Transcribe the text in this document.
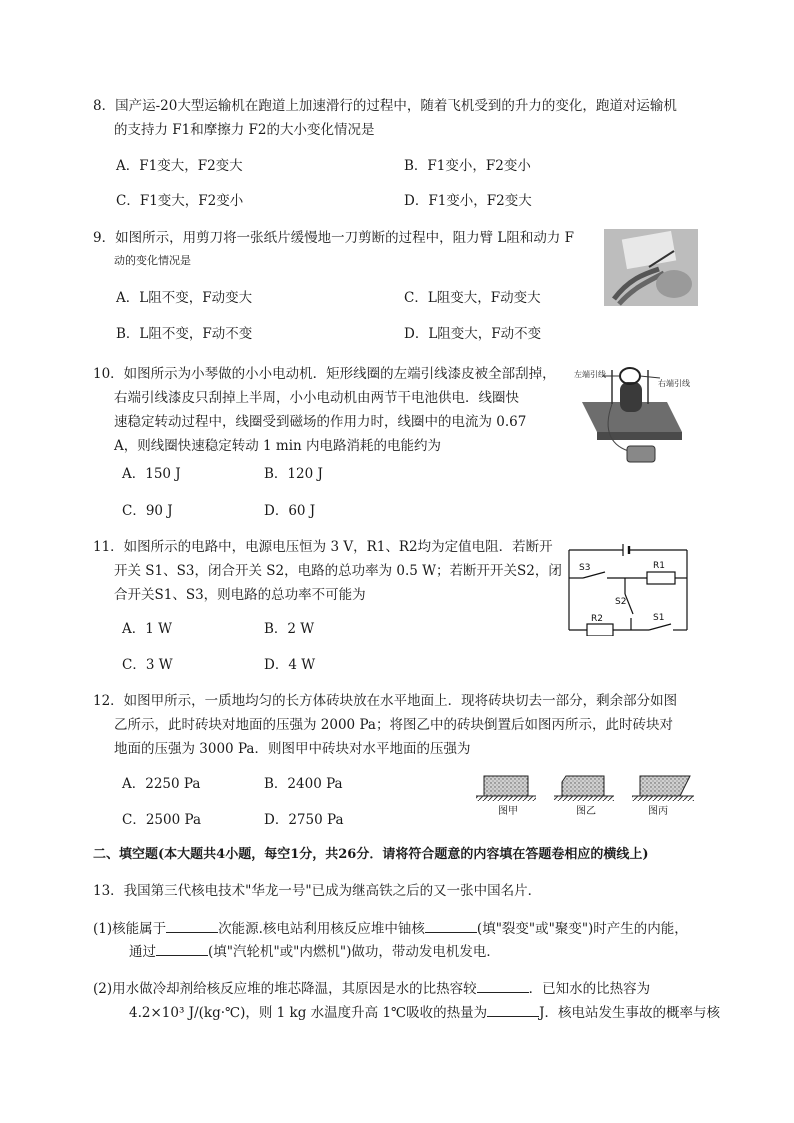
8．国产运-20大型运输机在跑道上加速滑行的过程中，随着飞机受到的升力的变化，跑道对运输机
的支持力 F1和摩擦力 F2的大小变化情况是
A．F1变大，F2变大	B．F1变小，F2变小
C．F1变大，F2变小	D．F1变小，F2变大
9．如图所示，用剪刀将一张纸片缓慢地一刀剪断的过程中，阻力臂 L阻和动力 F
动的变化情况是
A．L阻不变，F动变大	C．L阻变大，F动变大
B．L阻不变，F动不变	D．L阻变大，F动不变
10．如图所示为小琴做的小小电动机．矩形线圈的左端引线漆皮被全部刮掉，
右端引线漆皮只刮掉上半周，小小电动机由两节干电池供电．线圈快
速稳定转动过程中，线圈受到磁场的作用力时，线圈中的电流为 0.67
A，则线圈快速稳定转动 1 min 内电路消耗的电能约为
A．150 J	B．120 J
C．90 J	D．60 J
左端引线
右端引线
11．如图所示的电路中，电源电压恒为 3 V，R1、R2均为定值电阻．若断开
开关 S1、S3，闭合开关 S2，电路的总功率为 0.5 W；若断开开关S2，闭
合开关S1、S3，则电路的总功率不可能为
A．1 W	B．2 W
C．3 W	D．4 W
S3	R1
S2
R2	S1
12．如图甲所示，一质地均匀的长方体砖块放在水平地面上．现将砖块切去一部分，剩余部分如图
乙所示，此时砖块对地面的压强为 2000 Pa；将图乙中的砖块倒置后如图丙所示，此时砖块对
地面的压强为 3000 Pa．则图甲中砖块对水平地面的压强为
A．2250 Pa	B．2400 Pa
C．2500 Pa	D．2750 Pa
图甲	图乙	图丙
二、填空题(本大题共4小题，每空1分，共26分．请将符合题意的内容填在答题卷相应的横线上)
13．我国第三代核电技术"华龙一号"已成为继高铁之后的又一张中国名片．
(1)核能属于	次能源.核电站利用核反应堆中铀核	(填"裂变"或"聚变")时产生的内能，
通过	(填"汽轮机"或"内燃机")做功，带动发电机发电．
(2)用水做冷却剂给核反应堆的堆芯降温，其原因是水的比热容较	．已知水的比热容为
4.2×10³ J/(kg·℃)，则 1 kg 水温度升高 1℃吸收的热量为	J．核电站发生事故的概率与核
